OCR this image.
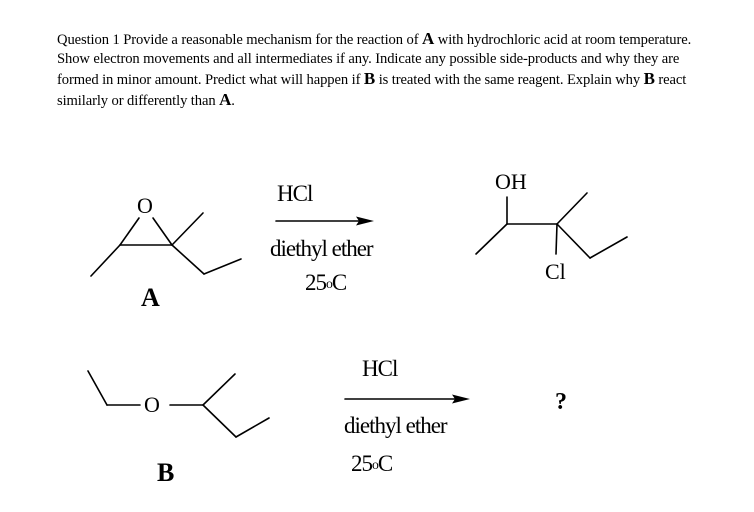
Question 1 Provide a reasonable mechanism for the reaction of A with hydrochloric acid at room temperature. Show electron movements and all intermediates if any. Indicate any possible side-products and why they are formed in minor amount. Predict what will happen if B is treated with the same reagent. Explain why B react similarly or differently than A.
O
A
HCl
diethyl ether
25$^o$C
OH
Cl
O
B
HCl
diethyl ether
25$^o$C
?
